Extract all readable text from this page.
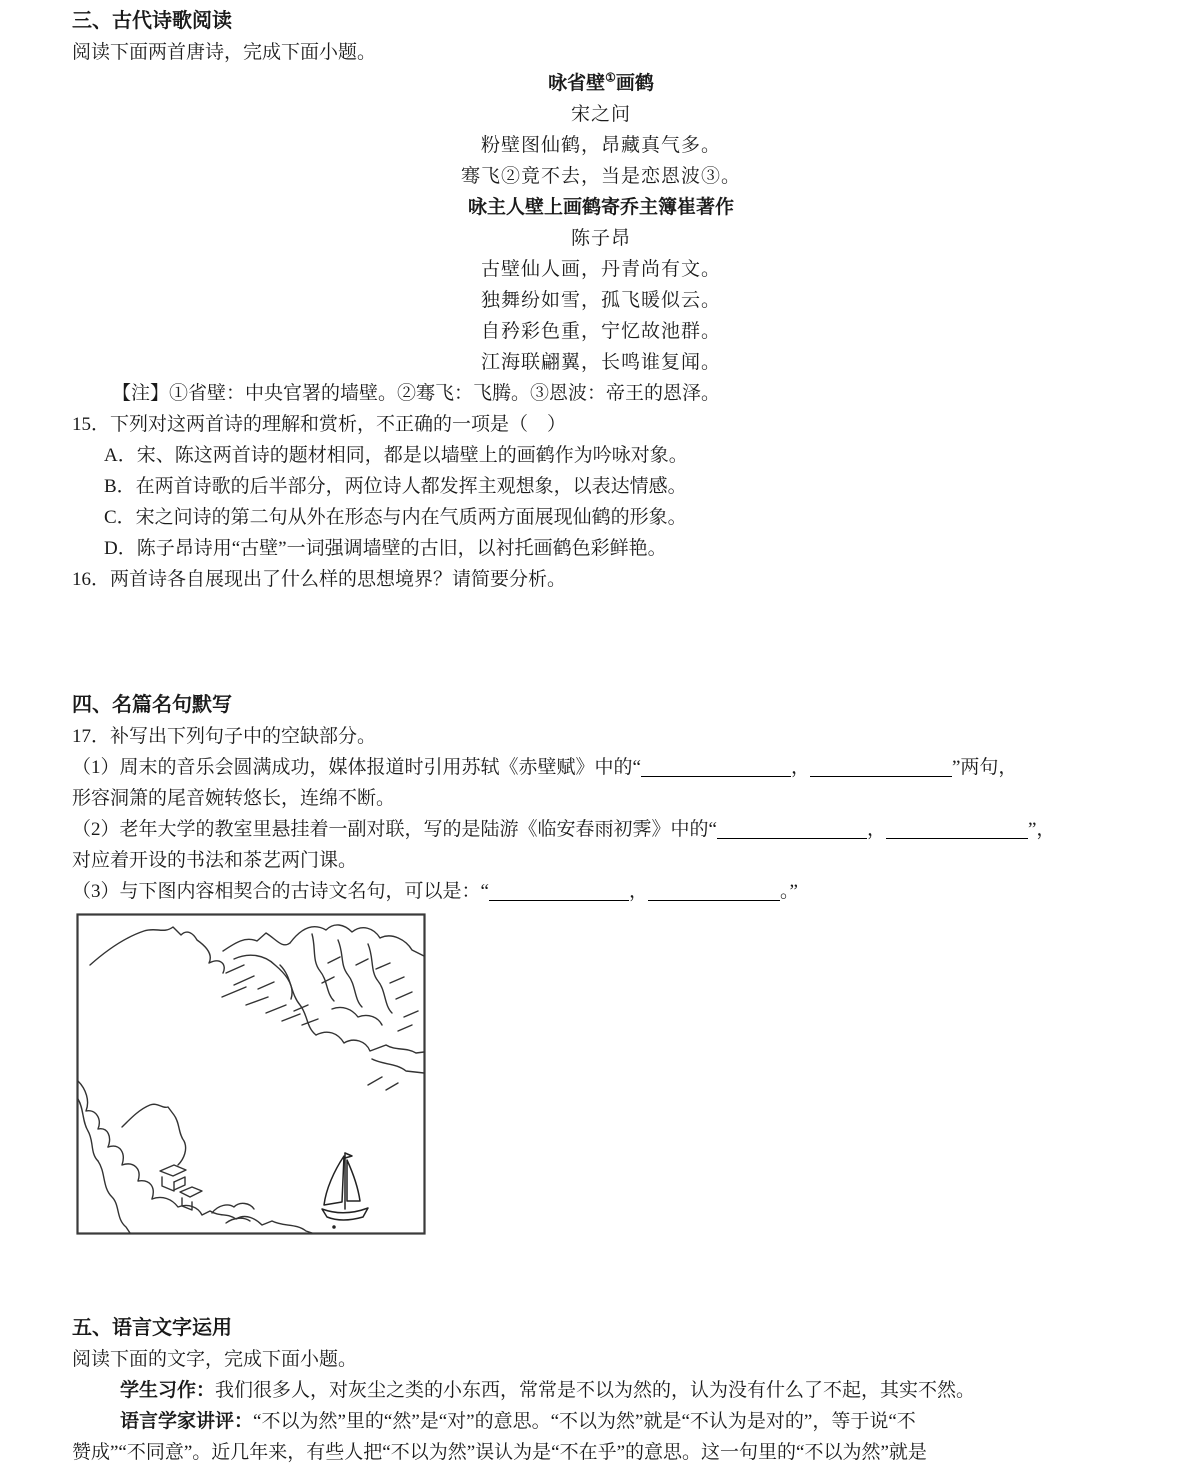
三、古代诗歌阅读

阅读下面两首唐诗，完成下面小题。

咏省壁①画鹤

宋之问

粉壁图仙鹤，昂藏真气多。

骞飞②竟不去，当是恋恩波③。

咏主人壁上画鹤寄乔主簿崔著作

陈子昂

古壁仙人画，丹青尚有文。

独舞纷如雪，孤飞暖似云。

自矜彩色重，宁忆故池群。

江海联翩翼，长鸣谁复闻。

【注】①省壁：中央官署的墙壁。②骞飞：飞腾。③恩波：帝王的恩泽。

15．下列对这两首诗的理解和赏析，不正确的一项是（　）

A．宋、陈这两首诗的题材相同，都是以墙壁上的画鹤作为吟咏对象。

B．在两首诗歌的后半部分，两位诗人都发挥主观想象，以表达情感。

C．宋之问诗的第二句从外在形态与内在气质两方面展现仙鹤的形象。

D．陈子昂诗用“古壁”一词强调墙壁的古旧，以衬托画鹤色彩鲜艳。

16．两首诗各自展现出了什么样的思想境界？请简要分析。

四、名篇名句默写

17．补写出下列句子中的空缺部分。

（1）周末的音乐会圆满成功，媒体报道时引用苏轼《赤壁赋》中的“	，	”两句，

形容洞箫的尾音婉转悠长，连绵不断。

（2）老年大学的教室里悬挂着一副对联，写的是陆游《临安春雨初霁》中的“	，	”，

对应着开设的书法和茶艺两门课。

（3）与下图内容相契合的古诗文名句，可以是：“	，	。”

五、语言文字运用

阅读下面的文字，完成下面小题。

学生习作：我们很多人，对灰尘之类的小东西，常常是不以为然的，认为没有什么了不起，其实不然。

语言学家讲评：“不以为然”里的“然”是“对”的意思。“不以为然”就是“不认为是对的”，等于说“不

赞成”“不同意”。近几年来，有些人把“不以为然”误认为是“不在乎”的意思。这一句里的“不以为然”就是
